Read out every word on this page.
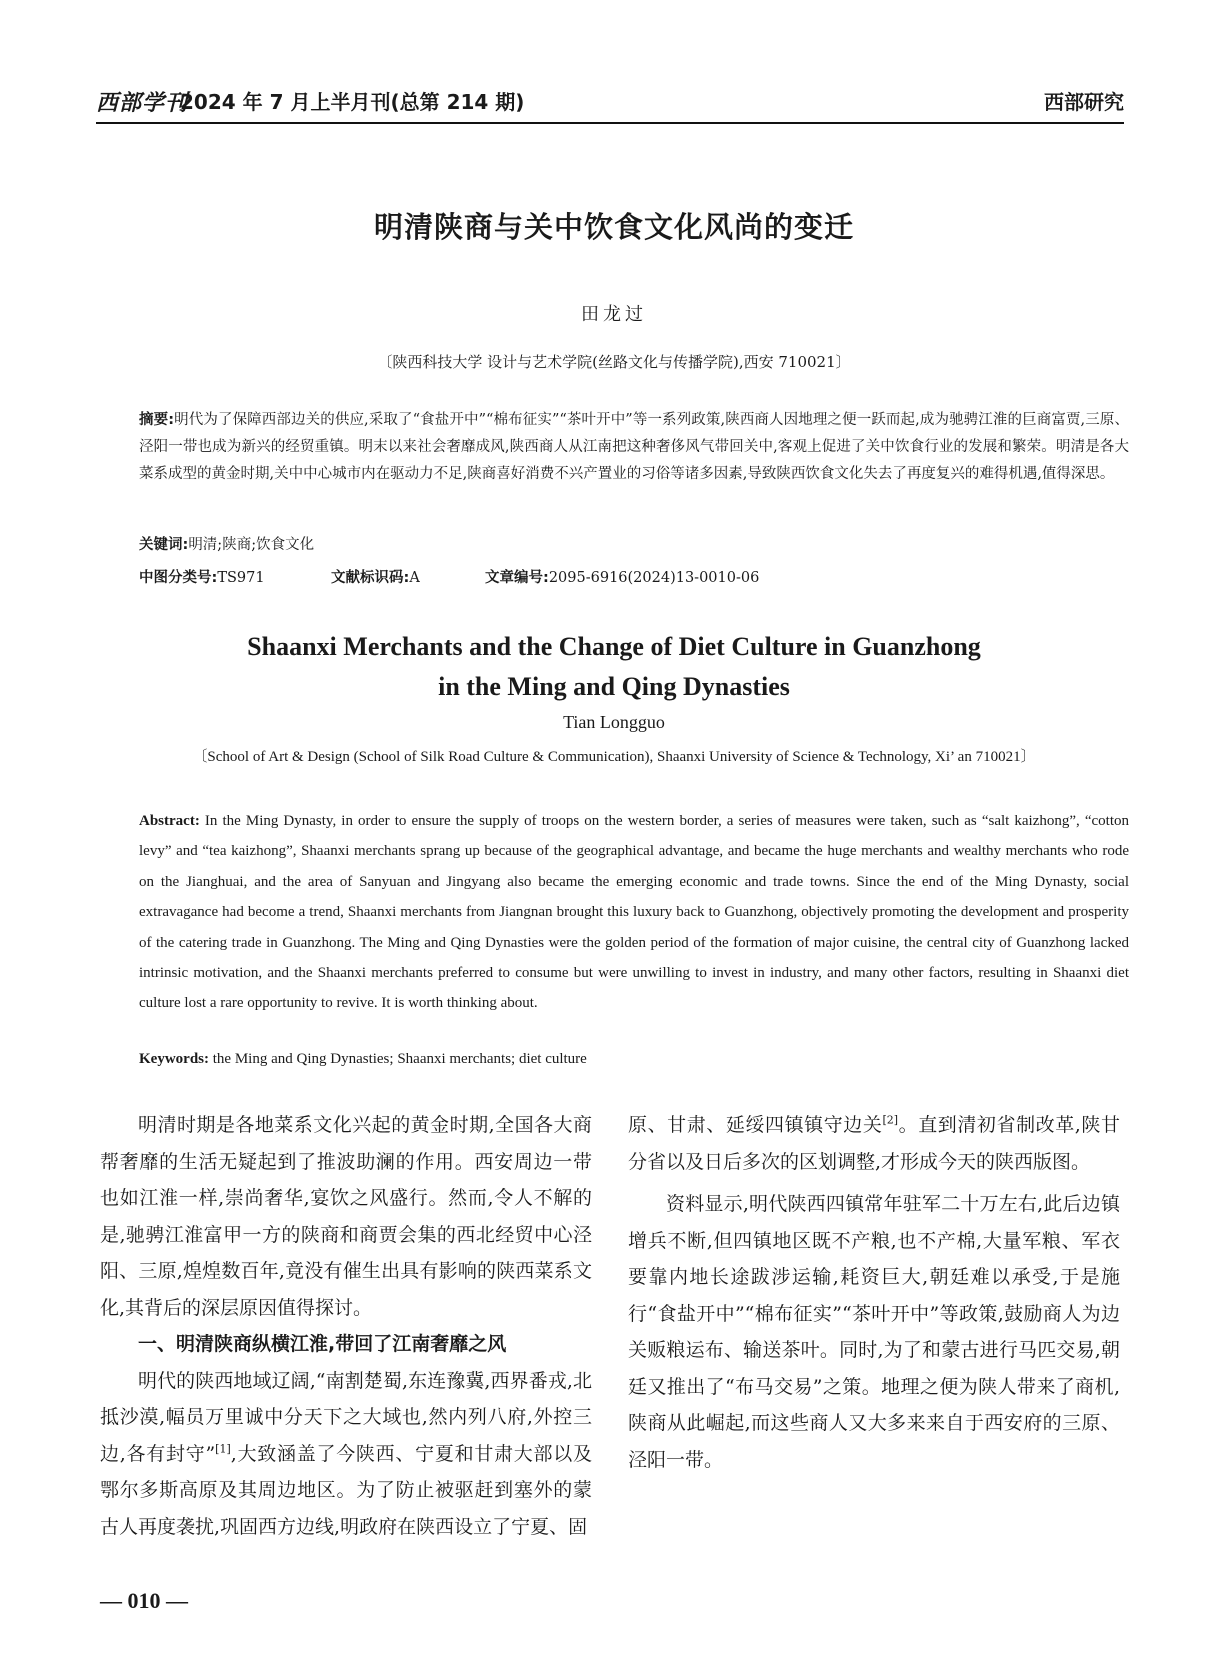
西部学刊
2024 年 7 月上半月刊(总第 214 期)	西部研究
明清陕商与关中饮食文化风尚的变迁
田龙过
〔陕西科技大学 设计与艺术学院(丝路文化与传播学院),西安 710021〕
摘要:明代为了保障西部边关的供应,采取了“食盐开中”“棉布征实”“茶叶开中”等一系列政策,陕西商人因地理之便一跃而起,成为驰骋江淮的巨商富贾,三原、泾阳一带也成为新兴的经贸重镇。明末以来社会奢靡成风,陕西商人从江南把这种奢侈风气带回关中,客观上促进了关中饮食行业的发展和繁荣。明清是各大菜系成型的黄金时期,关中中心城市内在驱动力不足,陕商喜好消费不兴产置业的习俗等诸多因素,导致陕西饮食文化失去了再度复兴的难得机遇,值得深思。
关键词:明清;陕商;饮食文化
中图分类号:TS971	文献标识码:A	文章编号:2095-6916(2024)13-0010-06
Shaanxi Merchants and the Change of Diet Culture in Guanzhong
in the Ming and Qing Dynasties
Tian Longguo
〔School of Art & Design (School of Silk Road Culture & Communication), Shaanxi University of Science & Technology, Xi’ an 710021〕
Abstract: In the Ming Dynasty, in order to ensure the supply of troops on the western border, a series of measures were taken, such as “salt kaizhong”, “cotton levy” and “tea kaizhong”, Shaanxi merchants sprang up because of the geographical advantage, and became the huge merchants and wealthy merchants who rode on the Jianghuai, and the area of Sanyuan and Jingyang also became the emerging economic and trade towns. Since the end of the Ming Dynasty, social extravagance had become a trend, Shaanxi merchants from Jiangnan brought this luxury back to Guanzhong, objectively promoting the development and prosperity of the catering trade in Guanzhong. The Ming and Qing Dynasties were the golden period of the formation of major cuisine, the central city of Guanzhong lacked intrinsic motivation, and the Shaanxi merchants preferred to consume but were unwilling to invest in industry, and many other factors, resulting in Shaanxi diet culture lost a rare opportunity to revive. It is worth thinking about.
Keywords: the Ming and Qing Dynasties; Shaanxi merchants; diet culture

明清时期是各地菜系文化兴起的黄金时期,全国各大商帮奢靡的生活无疑起到了推波助澜的作用。西安周边一带也如江淮一样,崇尚奢华,宴饮之风盛行。然而,令人不解的是,驰骋江淮富甲一方的陕商和商贾会集的西北经贸中心泾阳、三原,煌煌数百年,竟没有催生出具有影响的陕西菜系文化,其背后的深层原因值得探讨。

一、明清陕商纵横江淮,带回了江南奢靡之风

明代的陕西地域辽阔,“南割楚蜀,东连豫冀,西界番戎,北抵沙漠,幅员万里诚中分天下之大域也,然内列八府,外控三边,各有封守”[1],大致涵盖了今陕西、宁夏和甘肃大部以及鄂尔多斯高原及其周边地区。为了防止被驱赶到塞外的蒙古人再度袭扰,巩固西方边线,明政府在陕西设立了宁夏、固

原、甘肃、延绥四镇镇守边关[2]。直到清初省制改革,陕甘分省以及日后多次的区划调整,才形成今天的陕西版图。

资料显示,明代陕西四镇常年驻军二十万左右,此后边镇增兵不断,但四镇地区既不产粮,也不产棉,大量军粮、军衣要靠内地长途跋涉运输,耗资巨大,朝廷难以承受,于是施行“食盐开中”“棉布征实”“茶叶开中”等政策,鼓励商人为边关贩粮运布、输送茶叶。同时,为了和蒙古进行马匹交易,朝廷又推出了“布马交易”之策。地理之便为陕人带来了商机,陕商从此崛起,而这些商人又大多来来自于西安府的三原、泾阳一带。

— 010 —
